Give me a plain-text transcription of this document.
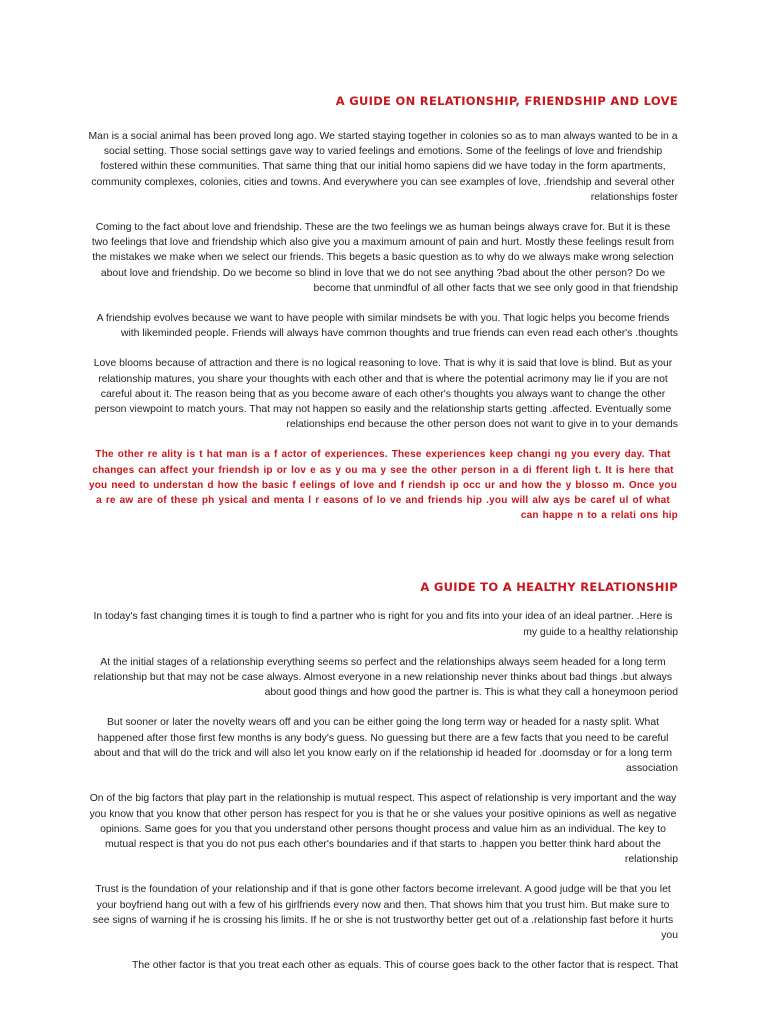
A GUIDE ON RELATIONSHIP, FRIENDSHIP AND LOVE

Man is a social animal has been proved long ago. We started staying together in colonies so as to man always wanted to be in a social setting. Those social settings gave way to varied feelings and emotions. Some of the feelings of love and friendship fostered within these communities. That same thing that our initial homo sapiens did we have today in the form apartments, community complexes, colonies, cities and towns. And everywhere you can see examples of love, .friendship and several other relationships foster

Coming to the fact about love and friendship. These are the two feelings we as human beings always crave for. But it is these two feelings that love and friendship which also give you a maximum amount of pain and hurt. Mostly these feelings result from the mistakes we make when we select our friends. This begets a basic question as to why do we always make wrong selection about love and friendship. Do we become so blind in love that we do not see anything ?bad about the other person? Do we become that unmindful of all other facts that we see only good in that friendship

A friendship evolves because we want to have people with similar mindsets be with you. That logic helps you become friends with likeminded people. Friends will always have common thoughts and true friends can even read each other's .thoughts

Love blooms because of attraction and there is no logical reasoning to love. That is why it is said that love is blind. But as your relationship matures, you share your thoughts with each other and that is where the potential acrimony may lie if you are not careful about it. The reason being that as you become aware of each other's thoughts you always want to change the other person viewpoint to match yours. That may not happen so easily and the relationship starts getting .affected. Eventually some relationships end because the other person does not want to give in to your demands

The other re ality is t hat man is a f actor of experiences. These experiences keep changi ng you every day. That changes can affect your friendsh ip or lov e as y ou ma y see the other person in a di fferent ligh t. It is here that you need to understan d how the basic f eelings of love and f riendsh ip occ ur and how the y blosso m. Once you a re aw are of these ph ysical and menta l r easons of lo ve and friends hip .you will alw ays be caref ul of what can happe n to a relati ons hip

A GUIDE TO A HEALTHY RELATIONSHIP

In today's fast changing times it is tough to find a partner who is right for you and fits into your idea of an ideal partner. .Here is my guide to a healthy relationship

At the initial stages of a relationship everything seems so perfect and the relationships always seem headed for a long term relationship but that may not be case always. Almost everyone in a new relationship never thinks about bad things .but always about good things and how good the partner is. This is what they call a honeymoon period

But sooner or later the novelty wears off and you can be either going the long term way or headed for a nasty split. What happened after those first few months is any body's guess. No guessing but there are a few facts that you need to be careful about and that will do the trick and will also let you know early on if the relationship id headed for .doomsday or for a long term association

On of the big factors that play part in the relationship is mutual respect. This aspect of relationship is very important and the way you know that you know that other person has respect for you is that he or she values your positive opinions as well as negative opinions. Same goes for you that you understand other persons thought process and value him as an individual. The key to mutual respect is that you do not pus each other's boundaries and if that starts to .happen you better think hard about the relationship

Trust is the foundation of your relationship and if that is gone other factors become irrelevant. A good judge will be that you let your boyfriend hang out with a few of his girlfriends every now and then. That shows him that you trust him. But make sure to see signs of warning if he is crossing his limits. If he or she is not trustworthy better get out of a .relationship fast before it hurts you

The other factor is that you treat each other as equals. This of course goes back to the other factor that is respect. That
